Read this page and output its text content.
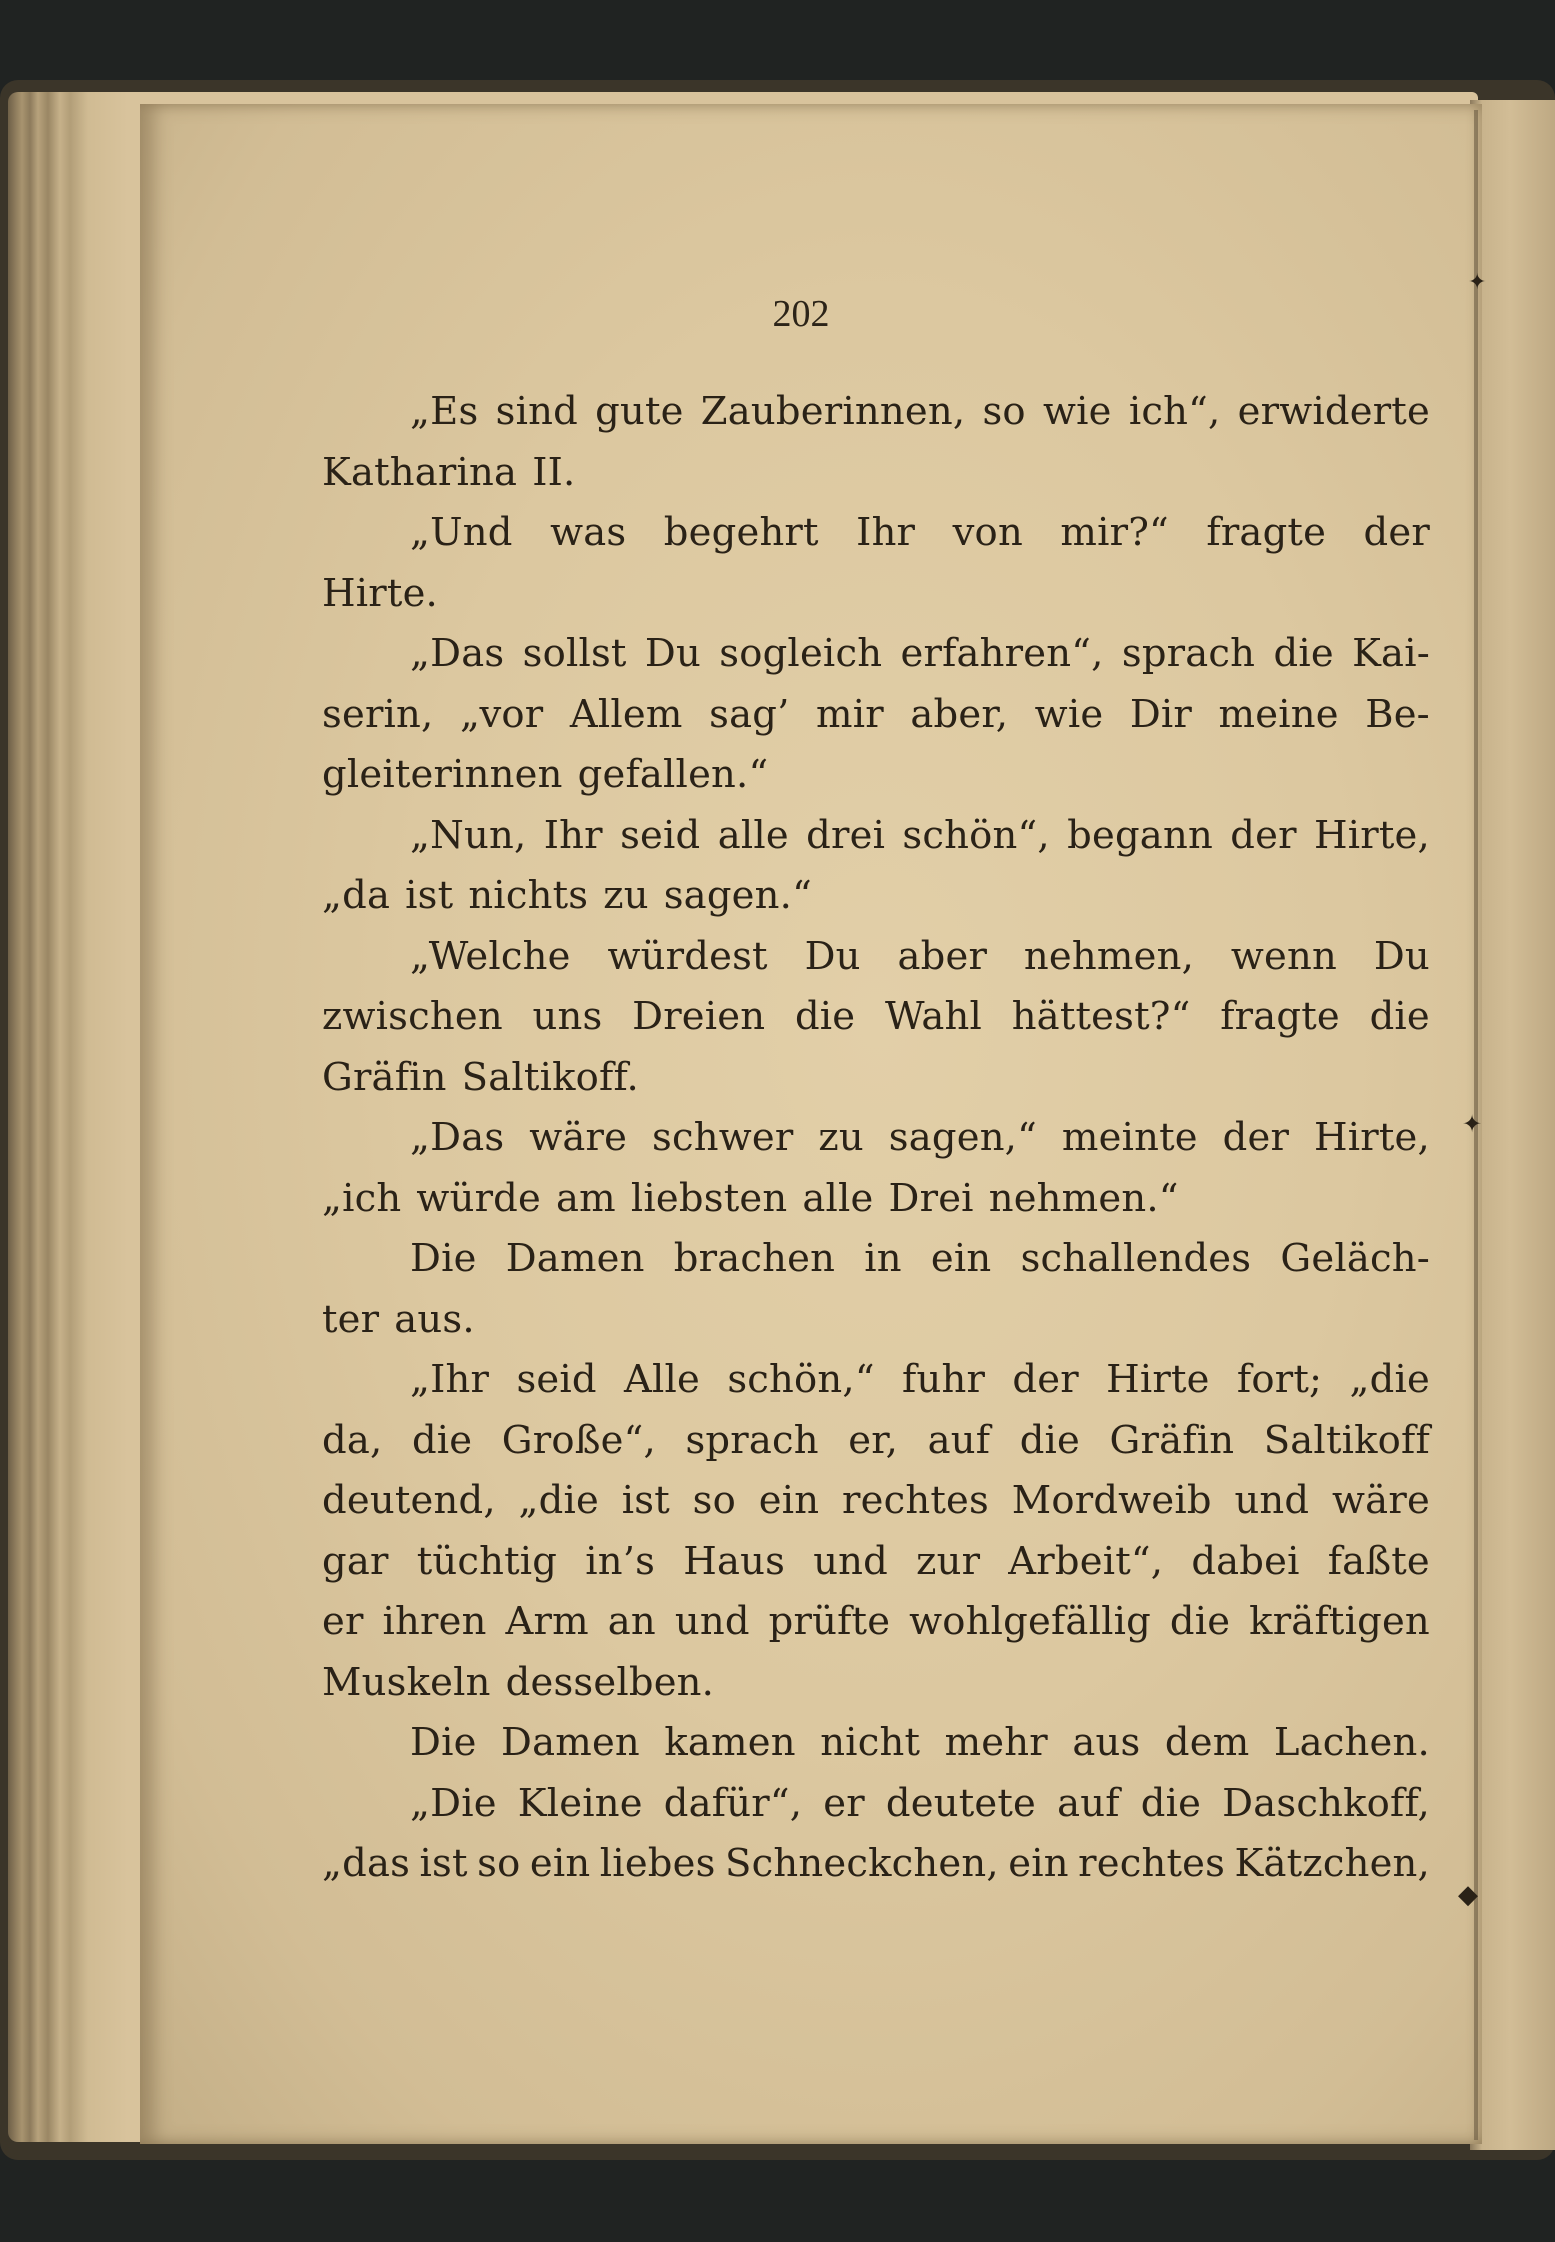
202
„Es sind gute Zauberinnen, so wie ich“, erwiderte
Katharina II.
„Und was begehrt Ihr von mir?“ fragte der
Hirte.
„Das sollst Du sogleich erfahren“, sprach die Kai-
serin, „vor Allem sag’ mir aber, wie Dir meine Be-
gleiterinnen gefallen.“
„Nun, Ihr seid alle drei schön“, begann der Hirte,
„da ist nichts zu sagen.“
„Welche würdest Du aber nehmen, wenn Du
zwischen uns Dreien die Wahl hättest?“ fragte die
Gräfin Saltikoff.
„Das wäre schwer zu sagen,“ meinte der Hirte,
„ich würde am liebsten alle Drei nehmen.“
Die Damen brachen in ein schallendes Geläch-
ter aus.
„Ihr seid Alle schön,“ fuhr der Hirte fort; „die
da, die Große“, sprach er, auf die Gräfin Saltikoff
deutend, „die ist so ein rechtes Mordweib und wäre
gar tüchtig in’s Haus und zur Arbeit“, dabei faßte
er ihren Arm an und prüfte wohlgefällig die kräftigen
Muskeln desselben.
Die Damen kamen nicht mehr aus dem Lachen.
„Die Kleine dafür“, er deutete auf die Daschkoff,
„das ist so ein liebes Schneckchen, ein rechtes Kätzchen,
✦
✦
◆
